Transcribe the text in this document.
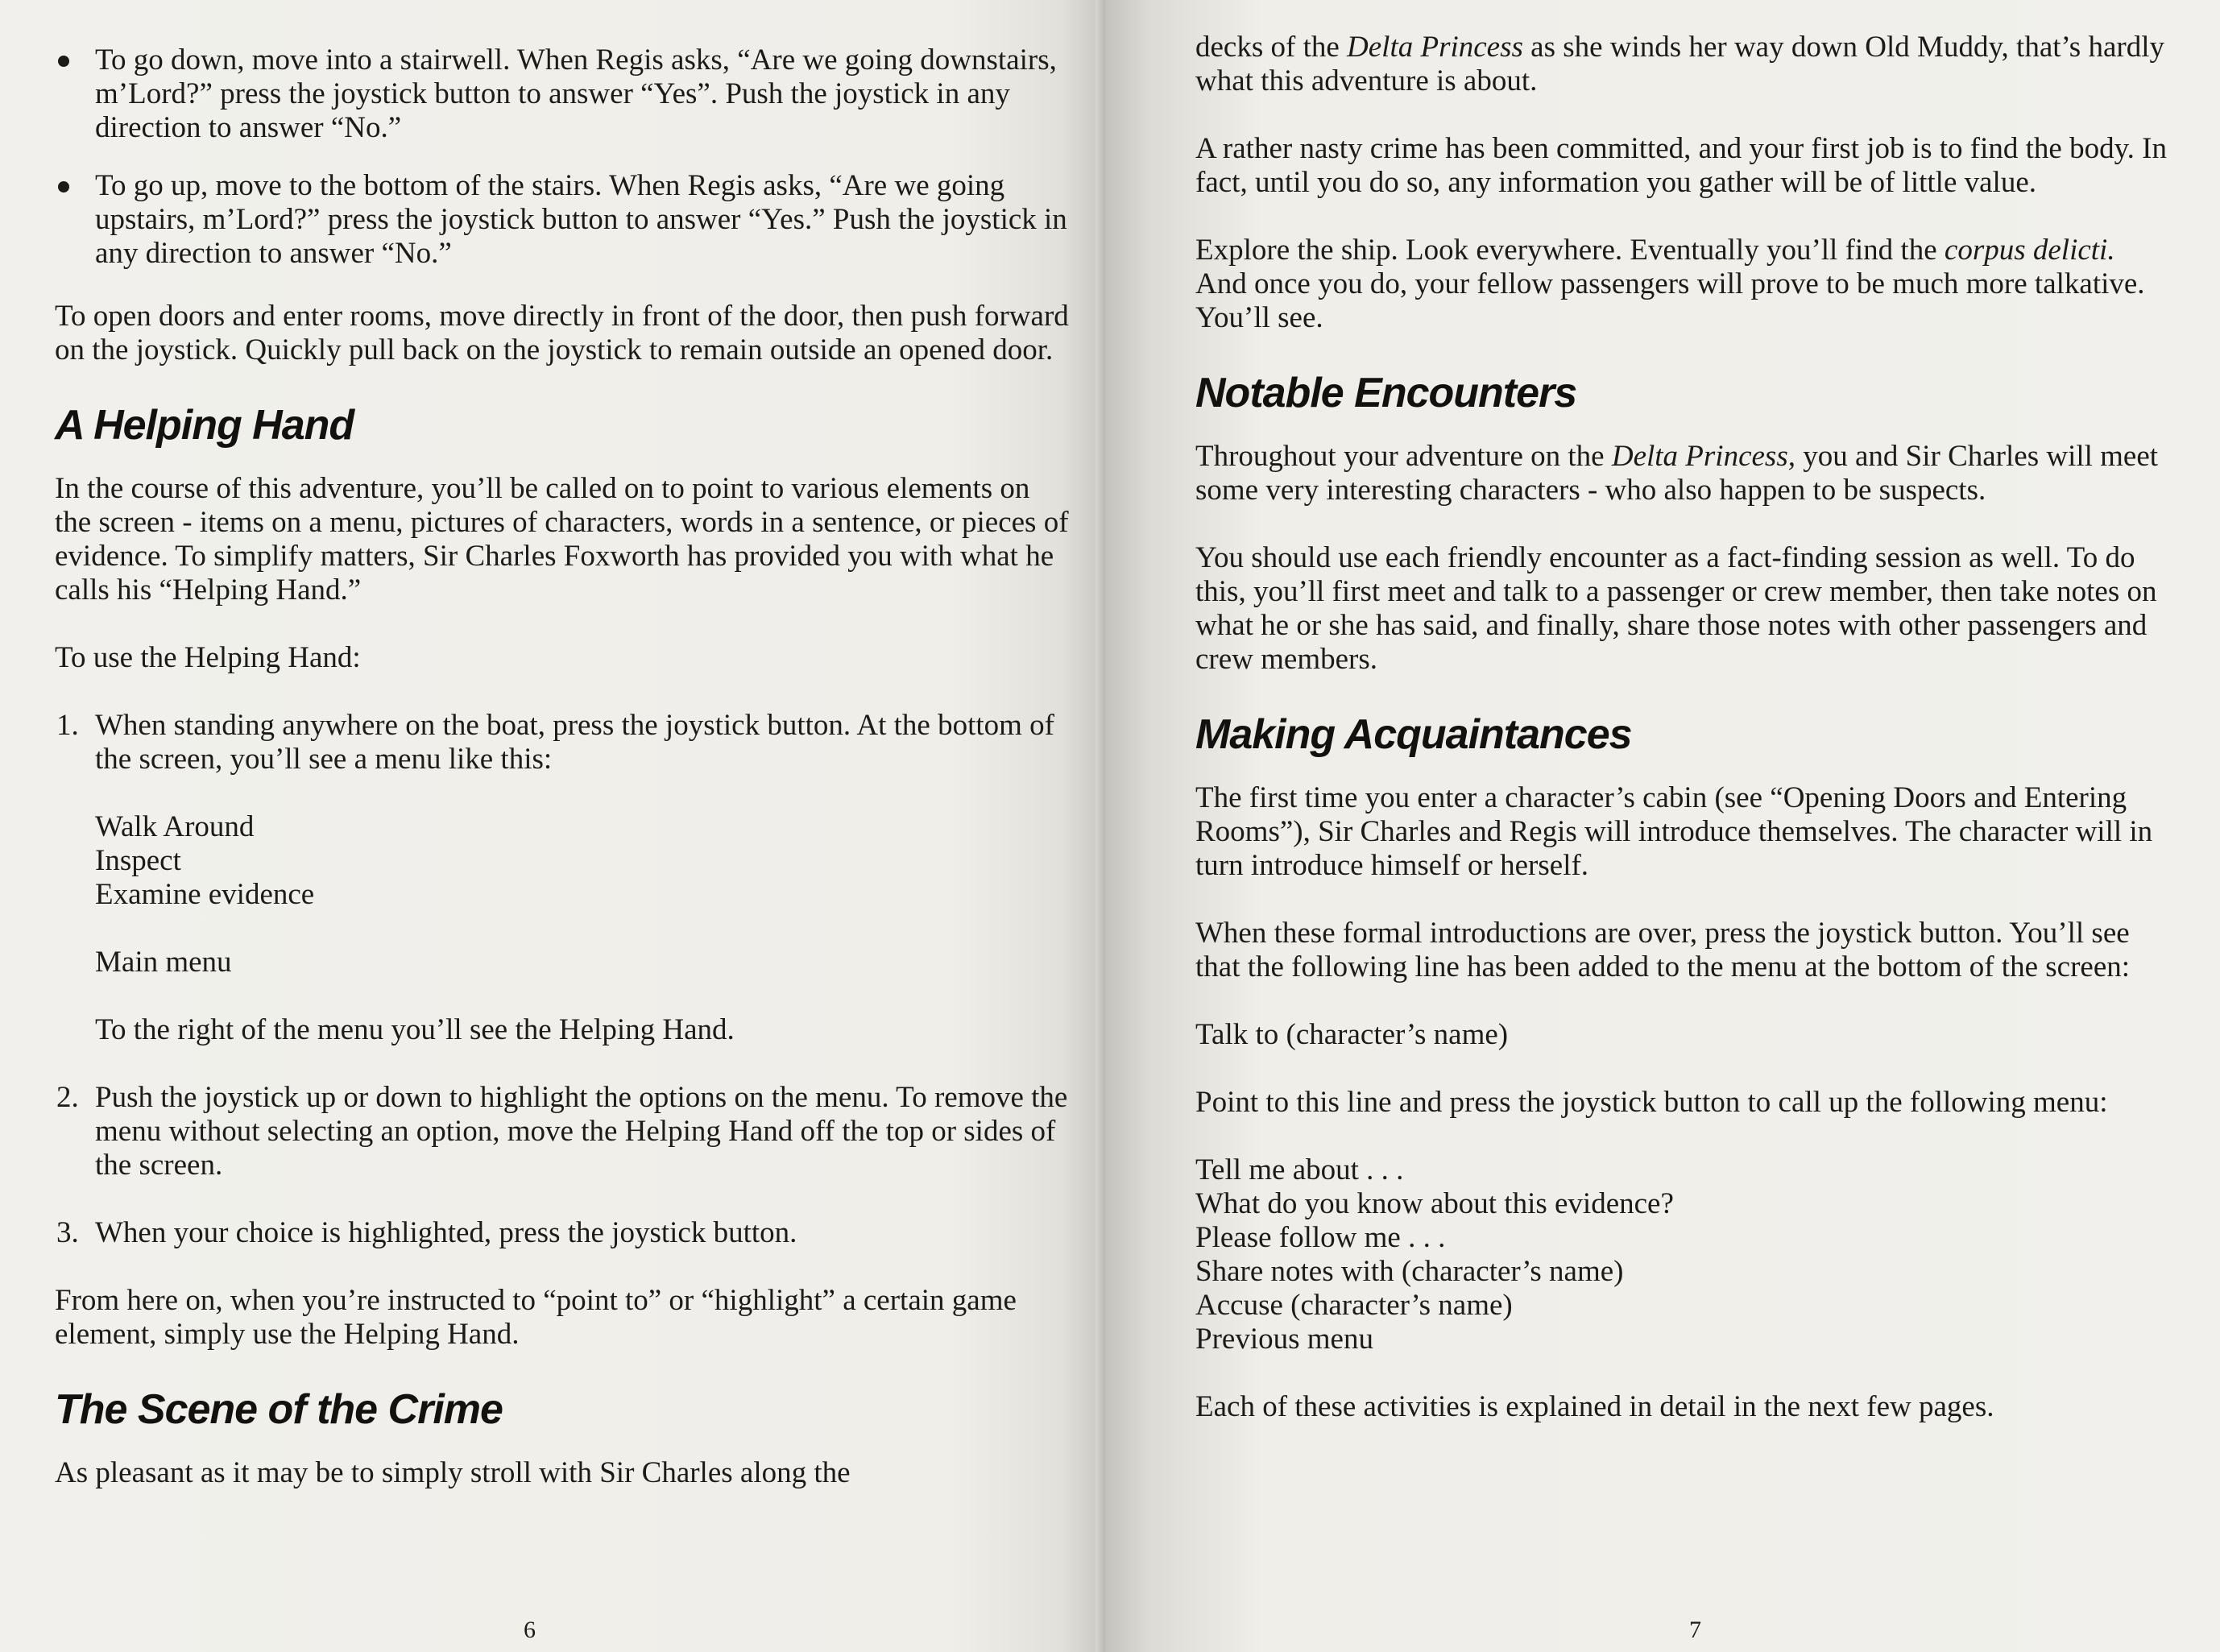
To go down, move into a stairwell. When Regis asks, “Are we going downstairs, m’Lord?” press the joystick button to answer “Yes”. Push the joystick in any direction to answer “No.”

To go up, move to the bottom of the stairs. When Regis asks, “Are we going upstairs, m’Lord?” press the joystick button to answer “Yes.” Push the joystick in any direction to answer “No.”

To open doors and enter rooms, move directly in front of the door, then push forward on the joystick. Quickly pull back on the joystick to remain outside an opened door.

A Helping Hand

In the course of this adventure, you’ll be called on to point to various elements on the screen - items on a menu, pictures of characters, words in a sentence, or pieces of evidence. To simplify matters, Sir Charles Foxworth has provided you with what he calls his “Helping Hand.”

To use the Helping Hand:

1. When standing anywhere on the boat, press the joystick button. At the bottom of the screen, you’ll see a menu like this:

Walk Around
Inspect
Examine evidence
Main menu
To the right of the menu you’ll see the Helping Hand.

2. Push the joystick up or down to highlight the options on the menu. To remove the menu without selecting an option, move the Helping Hand off the top or sides of the screen.

3. When your choice is highlighted, press the joystick button.

From here on, when you’re instructed to “point to” or “highlight” a certain game element, simply use the Helping Hand.

The Scene of the Crime

As pleasant as it may be to simply stroll with Sir Charles along the

6

decks of the Delta Princess as she winds her way down Old Muddy, that’s hardly what this adventure is about.

A rather nasty crime has been committed, and your first job is to find the body. In fact, until you do so, any information you gather will be of little value.

Explore the ship. Look everywhere. Eventually you’ll find the corpus delicti. And once you do, your fellow passengers will prove to be much more talkative. You’ll see.

Notable Encounters

Throughout your adventure on the Delta Princess, you and Sir Charles will meet some very interesting characters - who also happen to be suspects.

You should use each friendly encounter as a fact-finding session as well. To do this, you’ll first meet and talk to a passenger or crew member, then take notes on what he or she has said, and finally, share those notes with other passengers and crew members.

Making Acquaintances

The first time you enter a character’s cabin (see “Opening Doors and Entering Rooms”), Sir Charles and Regis will introduce themselves. The character will in turn introduce himself or herself.

When these formal introductions are over, press the joystick button. You’ll see that the following line has been added to the menu at the bottom of the screen:

Talk to (character’s name)

Point to this line and press the joystick button to call up the following menu:

Tell me about . . .
What do you know about this evidence?
Please follow me . . .
Share notes with (character’s name)
Accuse (character’s name)
Previous menu

Each of these activities is explained in detail in the next few pages.

7
